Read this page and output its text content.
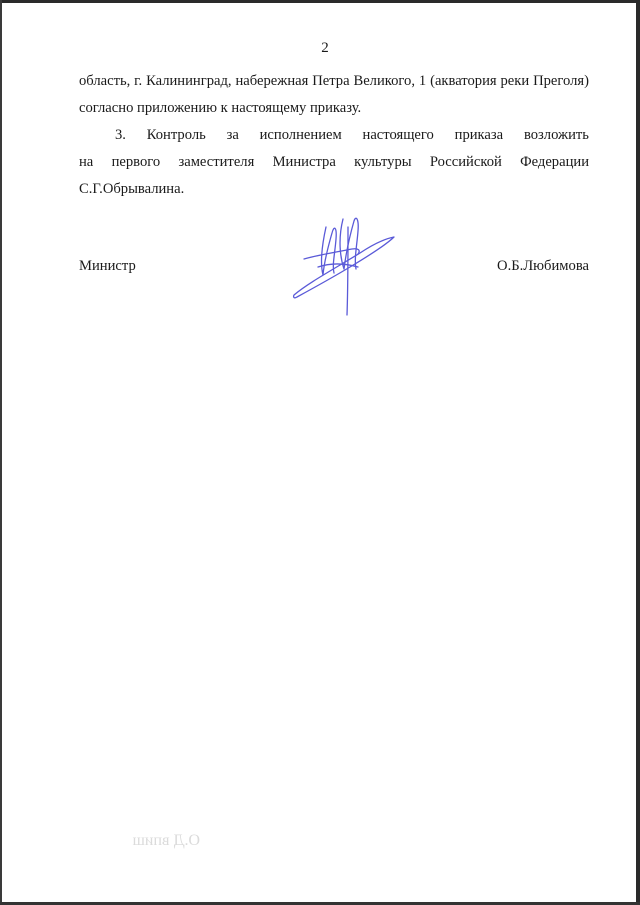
2
область, г. Калининград, набережная Петра Великого, 1 (акватория реки Преголя)
согласно приложению к настоящему приказу.
3. Контроль за исполнением настоящего приказа возложить
на первого заместителя Министра культуры Российской Федерации
С.Г.Обрывалина.
Министр	О.Б.Любимова
О.Д впиш
